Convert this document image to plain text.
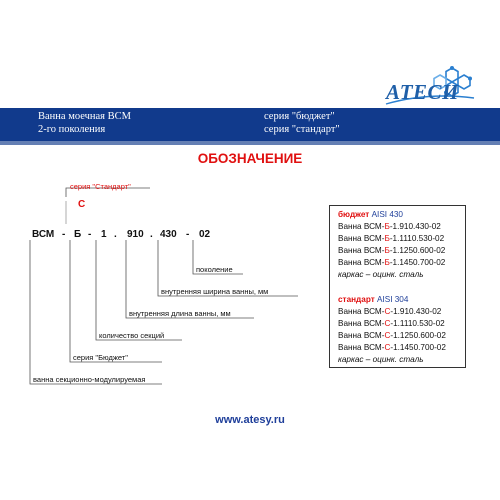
АТЕСИ
Ванна моечная ВСМ
2-го поколения
серия "бюджет"
серия "стандарт"
ОБОЗНАЧЕНИЕ
серия "Стандарт"
С
ВСМ - Б - 1 . 910 . 430 - 02
поколение
внутренняя ширина ванны, мм
внутренняя длина ванны, мм
количество секций
серия "Бюджет"
ванна секционно-модулируемая
бюджет AISI 430
Ванна ВСМ-Б-1.910.430-02
Ванна ВСМ-Б-1.1110.530-02
Ванна ВСМ-Б-1.1250.600-02
Ванна ВСМ-Б-1.1450.700-02
каркас – оцинк. сталь
стандарт AISI 304
Ванна ВСМ-С-1.910.430-02
Ванна ВСМ-С-1.1110.530-02
Ванна ВСМ-С-1.1250.600-02
Ванна ВСМ-С-1.1450.700-02
каркас – оцинк. сталь
www.atesy.ru
